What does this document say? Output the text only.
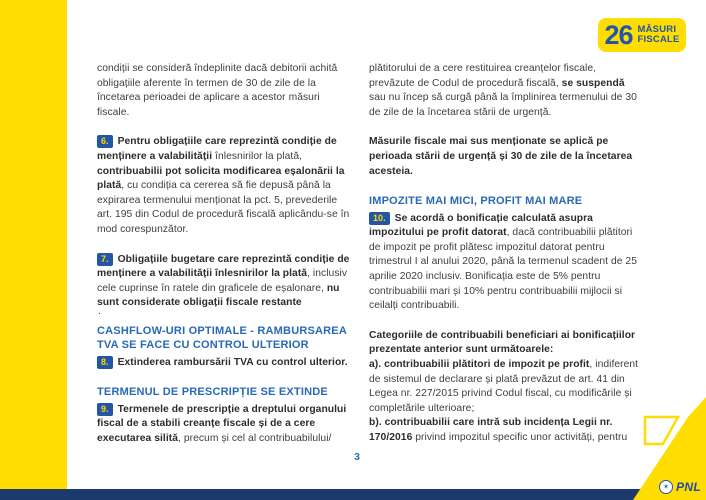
26 MĂSURI
FISCALE

condiții se consideră îndeplinite dacă debitorii achită obligațiile aferente în termen de 30 de zile de la încetarea perioadei de aplicare a acestor măsuri fiscale.

6. Pentru obligațiile care reprezintă condiție de menținere a valabilității înlesnirilor la plată, contribuabilii pot solicita modificarea eșalonării la plată, cu condiția ca cererea să fie depusă până la expirarea termenului menționat la pct. 5, prevederile art. 195 din Codul de procedură fiscală aplicându-se în mod corespunzător.

7. Obligațiile bugetare care reprezintă condiție de menținere a valabilității înlesnirilor la plată, inclusiv cele cuprinse în ratele din graficele de eșalonare, nu sunt considerate obligații fiscale restante

.

CASHFLOW-URI OPTIMALE - RAMBURSAREA TVA SE FACE CU CONTROL ULTERIOR

8. Extinderea rambursării TVA cu control ulterior.

TERMENUL DE PRESCRIPȚIE SE EXTINDE

9. Termenele de prescripție a dreptului organului fiscal de a stabili creanțe fiscale și de a cere executarea silită, precum și cel al contribuabilului/

plătitorului de a cere restituirea creanțelor fiscale, prevăzute de Codul de procedură fiscală, se suspendă sau nu încep să curgă până la împlinirea termenului de 30 de zile de la încetarea stării de urgență.

Măsurile fiscale mai sus menționate se aplică pe perioada stării de urgență și 30 de zile de la încetarea acesteia.

IMPOZITE MAI MICI, PROFIT MAI MARE

10. Se acordă o bonificație calculată asupra impozitului pe profit datorat, dacă contribuabilii plătitori de impozit pe profit plătesc impozitul datorat pentru trimestrul I al anului 2020, până la termenul scadent de 25 aprilie 2020 inclusiv. Bonificația este de 5% pentru contribuabilii mari și 10% pentru contribuabilii mijlocii si ceilalți contribuabili.

Categoriile de contribuabili beneficiari ai bonificațiilor prezentate anterior sunt următoarele:

a). contribuabilii plătitori de impozit pe profit, indiferent de sistemul de declarare și plată prevăzut de art. 41 din Legea nr. 227/2015 privind Codul fiscal, cu modificările și completările ulterioare;

b). contribuabilii care intră sub incidența Legii nr. 170/2016 privind impozitul specific unor activități, pentru

3
✶ PNL
